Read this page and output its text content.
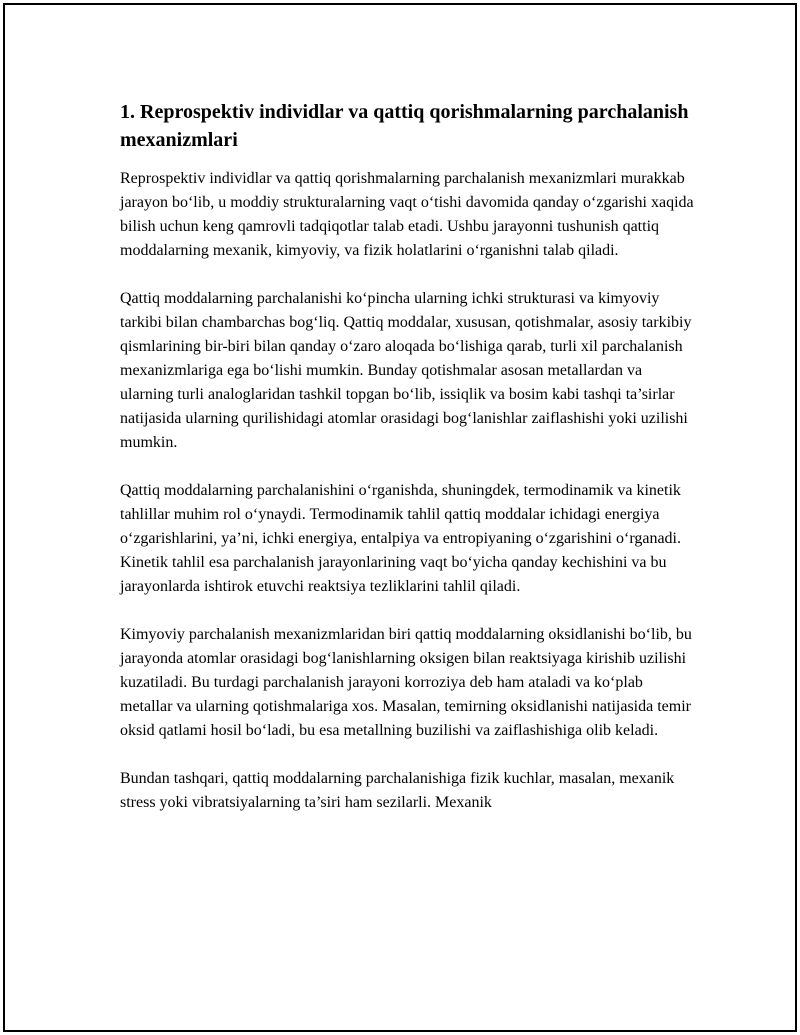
1. Reprospektiv individlar va qattiq qorishmalarning parchalanish mexanizmlari

Reprospektiv individlar va qattiq qorishmalarning parchalanish mexanizmlari murakkab jarayon bo‘lib, u moddiy strukturalarning vaqt o‘tishi davomida qanday o‘zgarishi xaqida bilish uchun keng qamrovli tadqiqotlar talab etadi. Ushbu jarayonni tushunish qattiq moddalarning mexanik, kimyoviy, va fizik holatlarini o‘rganishni talab qiladi.

Qattiq moddalarning parchalanishi ko‘pincha ularning ichki strukturasi va kimyoviy tarkibi bilan chambarchas bog‘liq. Qattiq moddalar, xususan, qotishmalar, asosiy tarkibiy qismlarining bir-biri bilan qanday o‘zaro aloqada bo‘lishiga qarab, turli xil parchalanish mexanizmlariga ega bo‘lishi mumkin. Bunday qotishmalar asosan metallardan va ularning turli analoglaridan tashkil topgan bo‘lib, issiqlik va bosim kabi tashqi ta’sirlar natijasida ularning qurilishidagi atomlar orasidagi bog‘lanishlar zaiflashishi yoki uzilishi mumkin.

Qattiq moddalarning parchalanishini o‘rganishda, shuningdek, termodinamik va kinetik tahlillar muhim rol o‘ynaydi. Termodinamik tahlil qattiq moddalar ichidagi energiya o‘zgarishlarini, ya’ni, ichki energiya, entalpiya va entropiyaning o‘zgarishini o‘rganadi. Kinetik tahlil esa parchalanish jarayonlarining vaqt bo‘yicha qanday kechishini va bu jarayonlarda ishtirok etuvchi reaktsiya tezliklarini tahlil qiladi.

Kimyoviy parchalanish mexanizmlaridan biri qattiq moddalarning oksidlanishi bo‘lib, bu jarayonda atomlar orasidagi bog‘lanishlarning oksigen bilan reaktsiyaga kirishib uzilishi kuzatiladi. Bu turdagi parchalanish jarayoni korroziya deb ham ataladi va ko‘plab metallar va ularning qotishmalariga xos. Masalan, temirning oksidlanishi natijasida temir oksid qatlami hosil bo‘ladi, bu esa metallning buzilishi va zaiflashishiga olib keladi.

Bundan tashqari, qattiq moddalarning parchalanishiga fizik kuchlar, masalan, mexanik stress yoki vibratsiyalarning ta’siri ham sezilarli. Mexanik
